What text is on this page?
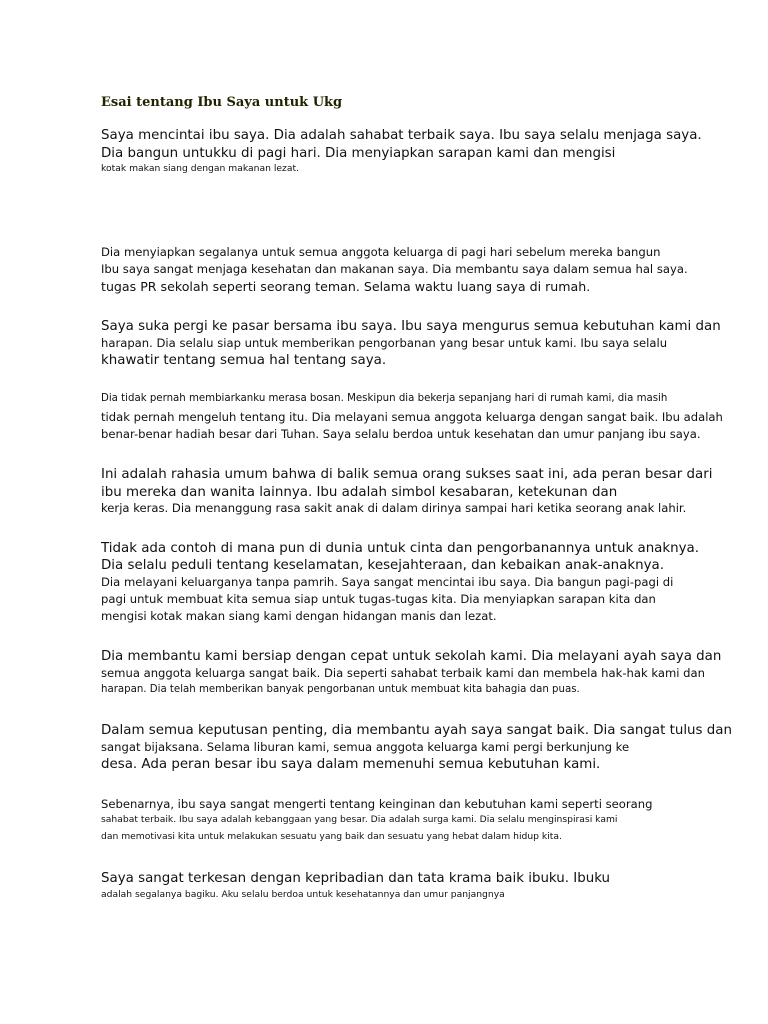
Esai tentang Ibu Saya untuk Ukg
Saya mencintai ibu saya. Dia adalah sahabat terbaik saya. Ibu saya selalu menjaga saya.
Dia bangun untukku di pagi hari. Dia menyiapkan sarapan kami dan mengisi
kotak makan siang dengan makanan lezat.
Dia menyiapkan segalanya untuk semua anggota keluarga di pagi hari sebelum mereka bangun
Ibu saya sangat menjaga kesehatan dan makanan saya. Dia membantu saya dalam semua hal saya.
tugas PR sekolah seperti seorang teman. Selama waktu luang saya di rumah.
Saya suka pergi ke pasar bersama ibu saya. Ibu saya mengurus semua kebutuhan kami dan
harapan. Dia selalu siap untuk memberikan pengorbanan yang besar untuk kami. Ibu saya selalu
khawatir tentang semua hal tentang saya.
Dia tidak pernah membiarkanku merasa bosan. Meskipun dia bekerja sepanjang hari di rumah kami, dia masih
tidak pernah mengeluh tentang itu. Dia melayani semua anggota keluarga dengan sangat baik. Ibu adalah
benar-benar hadiah besar dari Tuhan. Saya selalu berdoa untuk kesehatan dan umur panjang ibu saya.
Ini adalah rahasia umum bahwa di balik semua orang sukses saat ini, ada peran besar dari
ibu mereka dan wanita lainnya. Ibu adalah simbol kesabaran, ketekunan dan
kerja keras. Dia menanggung rasa sakit anak di dalam dirinya sampai hari ketika seorang anak lahir.
Tidak ada contoh di mana pun di dunia untuk cinta dan pengorbanannya untuk anaknya.
Dia selalu peduli tentang keselamatan, kesejahteraan, dan kebaikan anak-anaknya.
Dia melayani keluarganya tanpa pamrih. Saya sangat mencintai ibu saya. Dia bangun pagi-pagi di
pagi untuk membuat kita semua siap untuk tugas-tugas kita. Dia menyiapkan sarapan kita dan
mengisi kotak makan siang kami dengan hidangan manis dan lezat.
Dia membantu kami bersiap dengan cepat untuk sekolah kami. Dia melayani ayah saya dan
semua anggota keluarga sangat baik. Dia seperti sahabat terbaik kami dan membela hak-hak kami dan
harapan. Dia telah memberikan banyak pengorbanan untuk membuat kita bahagia dan puas.
Dalam semua keputusan penting, dia membantu ayah saya sangat baik. Dia sangat tulus dan
sangat bijaksana. Selama liburan kami, semua anggota keluarga kami pergi berkunjung ke
desa. Ada peran besar ibu saya dalam memenuhi semua kebutuhan kami.
Sebenarnya, ibu saya sangat mengerti tentang keinginan dan kebutuhan kami seperti seorang
sahabat terbaik. Ibu saya adalah kebanggaan yang besar. Dia adalah surga kami. Dia selalu menginspirasi kami
dan memotivasi kita untuk melakukan sesuatu yang baik dan sesuatu yang hebat dalam hidup kita.
Saya sangat terkesan dengan kepribadian dan tata krama baik ibuku. Ibuku
adalah segalanya bagiku. Aku selalu berdoa untuk kesehatannya dan umur panjangnya
